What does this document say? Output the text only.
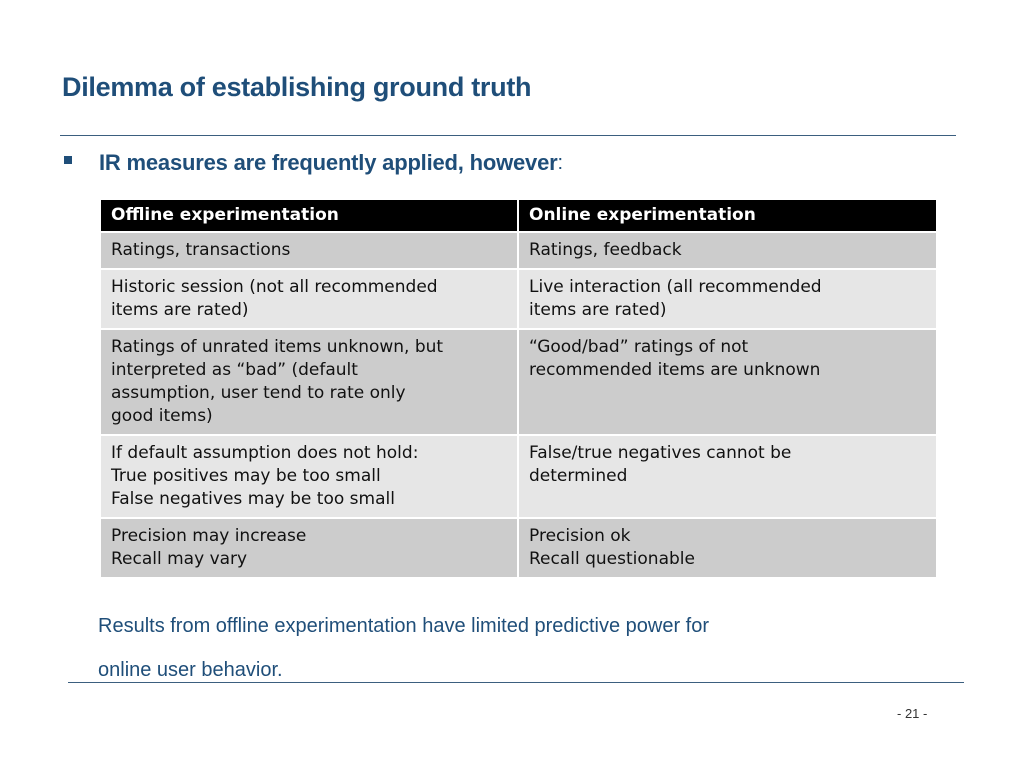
Dilemma of establishing ground truth
IR measures are frequently applied, however :
Offline experimentation	Online experimentation

Ratings, transactions	Ratings, feedback

Historic session (not all recommended
items are rated)	Live interaction (all recommended
items are rated)

Ratings of unrated items unknown, but
interpreted as “bad” (default
assumption, user tend to rate only
good items)	“Good/bad” ratings of not
recommended items are unknown

If default assumption does not hold:
True positives may be too small
False negatives may be too small	False/true negatives cannot be
determined

Precision may increase
Recall may vary	Precision ok
Recall questionable
Results from offline experimentation have limited predictive power for
online user behavior.
- 21 -
